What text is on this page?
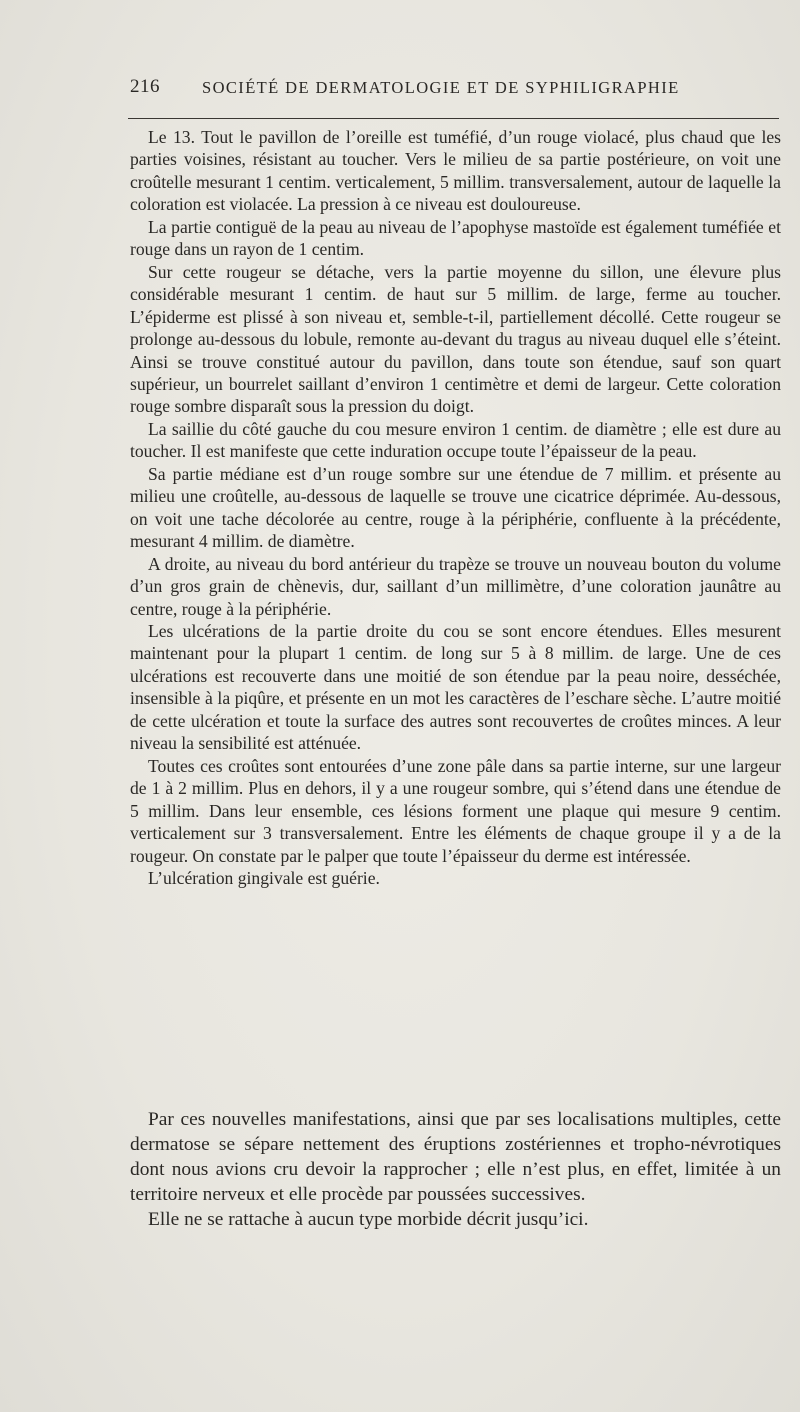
216	SOCIÉTÉ DE DERMATOLOGIE ET DE SYPHILIGRAPHIE

Le 13. Tout le pavillon de l’oreille est tuméfié, d’un rouge violacé, plus chaud que les parties voisines, résistant au toucher. Vers le milieu de sa partie postérieure, on voit une croûtelle mesurant 1 centim. verticalement, 5 millim. transversalement, autour de laquelle la coloration est violacée. La pression à ce niveau est douloureuse.

La partie contiguë de la peau au niveau de l’apophyse mastoïde est également tuméfiée et rouge dans un rayon de 1 centim.

Sur cette rougeur se détache, vers la partie moyenne du sillon, une élevure plus considérable mesurant 1 centim. de haut sur 5 millim. de large, ferme au toucher. L’épiderme est plissé à son niveau et, semble-t-il, partiellement décollé. Cette rougeur se prolonge au-dessous du lobule, remonte au-devant du tragus au niveau duquel elle s’éteint. Ainsi se trouve constitué autour du pavillon, dans toute son étendue, sauf son quart supérieur, un bourrelet saillant d’environ 1 centimètre et demi de largeur. Cette coloration rouge sombre disparaît sous la pression du doigt.

La saillie du côté gauche du cou mesure environ 1 centim. de diamètre ; elle est dure au toucher. Il est manifeste que cette induration occupe toute l’épaisseur de la peau.

Sa partie médiane est d’un rouge sombre sur une étendue de 7 millim. et présente au milieu une croûtelle, au-dessous de laquelle se trouve une cicatrice déprimée. Au-dessous, on voit une tache décolorée au centre, rouge à la périphérie, confluente à la précédente, mesurant 4 millim. de diamètre.

A droite, au niveau du bord antérieur du trapèze se trouve un nouveau bouton du volume d’un gros grain de chènevis, dur, saillant d’un millimètre, d’une coloration jaunâtre au centre, rouge à la périphérie.

Les ulcérations de la partie droite du cou se sont encore étendues. Elles mesurent maintenant pour la plupart 1 centim. de long sur 5 à 8 millim. de large. Une de ces ulcérations est recouverte dans une moitié de son étendue par la peau noire, desséchée, insensible à la piqûre, et présente en un mot les caractères de l’eschare sèche. L’autre moitié de cette ulcération et toute la surface des autres sont recouvertes de croûtes minces. A leur niveau la sensibilité est atténuée.

Toutes ces croûtes sont entourées d’une zone pâle dans sa partie interne, sur une largeur de 1 à 2 millim. Plus en dehors, il y a une rougeur sombre, qui s’étend dans une étendue de 5 millim. Dans leur ensemble, ces lésions forment une plaque qui mesure 9 centim. verticalement sur 3 transversalement. Entre les éléments de chaque groupe il y a de la rougeur. On constate par le palper que toute l’épaisseur du derme est intéressée.

L’ulcération gingivale est guérie.

Par ces nouvelles manifestations, ainsi que par ses localisations multiples, cette dermatose se sépare nettement des éruptions zostériennes et tropho-névrotiques dont nous avions cru devoir la rapprocher ; elle n’est plus, en effet, limitée à un territoire nerveux et elle procède par poussées successives.

Elle ne se rattache à aucun type morbide décrit jusqu’ici.
